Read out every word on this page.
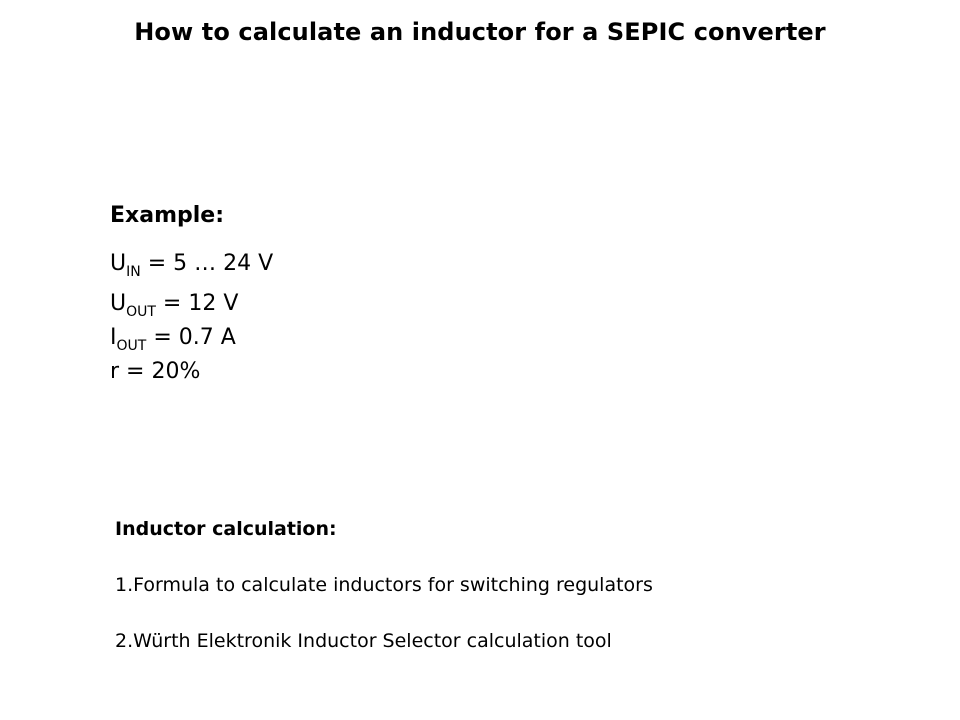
How to calculate an inductor for a SEPIC converter
Example:
$U_{IN} = 5$ … 24 V
$U_{OUT} = 12$ V
$I_{OUT} = 0.7$ A
r = 20%
Inductor calculation:
1.Formula to calculate inductors for switching regulators
2.Würth Elektronik Inductor Selector calculation tool
